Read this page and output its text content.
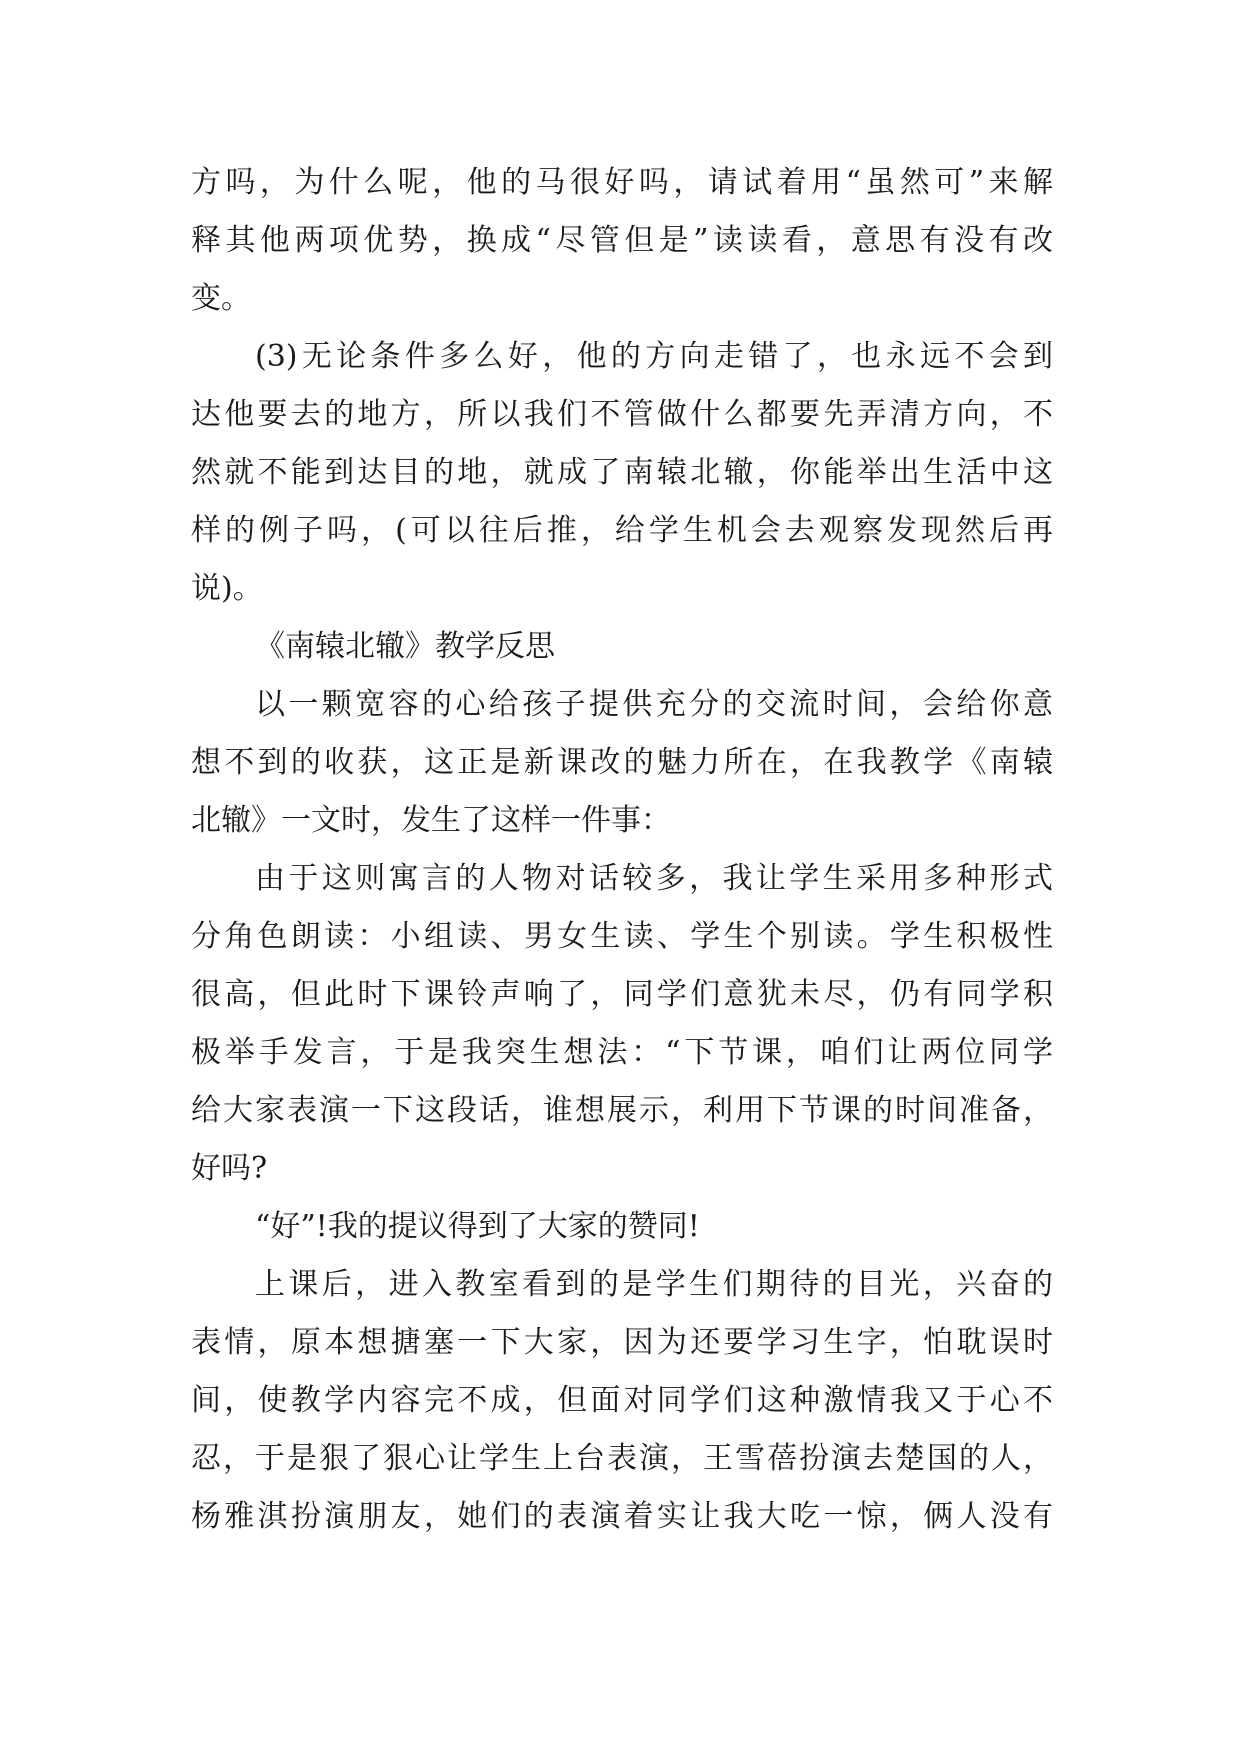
方吗，为什么呢，他的马很好吗，请试着用“虽然可”来解
释其他两项优势，换成“尽管但是”读读看，意思有没有改
变。
(3)无论条件多么好，他的方向走错了，也永远不会到
达他要去的地方，所以我们不管做什么都要先弄清方向，不
然就不能到达目的地，就成了南辕北辙，你能举出生活中这
样的例子吗，(可以往后推，给学生机会去观察发现然后再
说)。
《南辕北辙》教学反思
以一颗宽容的心给孩子提供充分的交流时间，会给你意
想不到的收获，这正是新课改的魅力所在，在我教学《南辕
北辙》一文时，发生了这样一件事：
由于这则寓言的人物对话较多，我让学生采用多种形式
分角色朗读：小组读、男女生读、学生个别读。学生积极性
很高，但此时下课铃声响了，同学们意犹未尽，仍有同学积
极举手发言，于是我突生想法：“下节课，咱们让两位同学
给大家表演一下这段话，谁想展示，利用下节课的时间准备，
好吗?
“好”!我的提议得到了大家的赞同!
上课后，进入教室看到的是学生们期待的目光，兴奋的
表情，原本想搪塞一下大家，因为还要学习生字，怕耽误时
间，使教学内容完不成，但面对同学们这种激情我又于心不
忍，于是狠了狠心让学生上台表演，王雪蓓扮演去楚国的人，
杨雅淇扮演朋友，她们的表演着实让我大吃一惊，俩人没有
